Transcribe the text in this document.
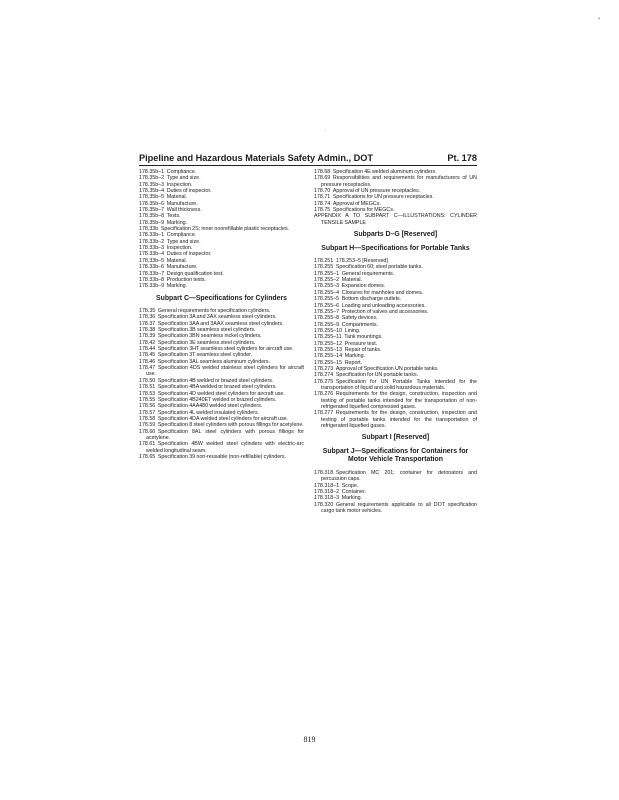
›
·
Pipeline and Hazardous Materials Safety Admin., DOT	Pt. 178
178.35b–1  Compliance.
178.35b–2  Type and size.
178.35b–3  Inspection.
178.35b–4  Duties of inspector.
178.35b–5  Material.
178.35b–6  Manufacture.
178.35b–7  Wall thickness.
178.35b–8  Tests.
178.35b–9  Marking.
178.33b  Specification 2S; inner nonrefillable plastic receptacles.
178.33b–1  Compliance.
178.33b–2  Type and size.
178.33b–3  Inspection.
178.33b–4  Duties of inspector.
178.33b–5  Material.
178.33b–6  Manufacture.
178.33b–7  Design qualification test.
178.33b–8  Production tests.
178.33b–9  Marking.
Subpart C—Specifications for Cylinders
178.35  General requirements for specification cylinders.
178.36  Specification 3A and 3AX seamless steel cylinders.
178.37  Specification 3AA and 3AAX seamless steel cylinders.
178.38  Specification 3B seamless steel cylinders.
178.39  Specification 3BN seamless nickel cylinders.
178.42  Specification 3E seamless steel cylinders.
178.44  Specification 3HT seamless steel cylinders for aircraft use.
178.45  Specification 3T seamless steel cylinder.
178.46  Specification 3AL seamless aluminum cylinders.
178.47  Specification 4DS welded stainless steel cylinders for aircraft use.
178.50  Specification 4B welded or brazed steel cylinders.
178.51  Specification 4BA welded or brazed steel cylinders.
178.53  Specification 4D welded steel cylinders for aircraft use.
178.55  Specification 4B240ET welded or brazed cylinders.
178.56  Specification 4AA480 welded steel cylinders.
178.57  Specification 4L welded insulated cylinders.
178.58  Specification 4DA welded steel cylinders for aircraft use.
178.59  Specification 8 steel cylinders with porous fillings for acetylene.
178.60  Specification 8AL steel cylinders with porous fillings for acetylene.
178.61  Specification 4BW welded steel cylinders with electric-arc welded longitudinal seam.
178.65  Specification 39 non-reusable (non-refillable) cylinders.
178.68  Specification 4E welded aluminum cylinders.
178.69  Responsibilities and requirements for manufacturers of UN pressure receptacles.
178.70  Approval of UN pressure receptacles.
178.71  Specifications for UN pressure receptacles.
178.74  Approval of MEGCs.
178.75  Specifications for MEGCs.
APPENDIX A TO SUBPART C—ILLUSTRATIONS: CYLINDER TENSILE SAMPLE
Subparts D–G [Reserved]
Subpart H—Specifications for Portable Tanks
178.251  178.253–5 [Reserved]
178.255  Specification 60; steel portable tanks.
178.255–1  General requirements.
178.255–2  Material.
178.255–3  Expansion domes.
178.255–4  Closures for manholes and domes.
178.255–5  Bottom discharge outlets.
178.255–6  Loading and unloading accessories.
178.255–7  Protection of valves and accessories.
178.255–8  Safety devices.
178.255–9  Compartments.
178.255–10  Lining.
178.255–11  Tank mountings.
178.255–12  Pressure test.
178.255–13  Repair of tanks.
178.255–14  Marking.
178.255–15  Report.
178.273  Approval of Specification UN portable tanks.
178.274  Specification for UN portable tanks.
178.275  Specification for UN Portable Tanks intended for the transportation of liquid and solid hazardous materials.
178.276  Requirements for the design, construction, inspection and testing of portable tanks intended for the transportation of non-refrigerated liquefied compressed gases.
178.277  Requirements for the design, construction, inspection and testing of portable tanks intended for the transportation of refrigerated liquefied gases.
Subpart I [Reserved]
Subpart J—Specifications for Containers for Motor Vehicle Transportation
178.318  Specification MC 201; container for detonators and percussion caps.
178.318–1  Scope.
178.318–2  Container.
178.318–3  Marking.
178.320  General requirements applicable to all DOT specification cargo tank motor vehicles.
819
